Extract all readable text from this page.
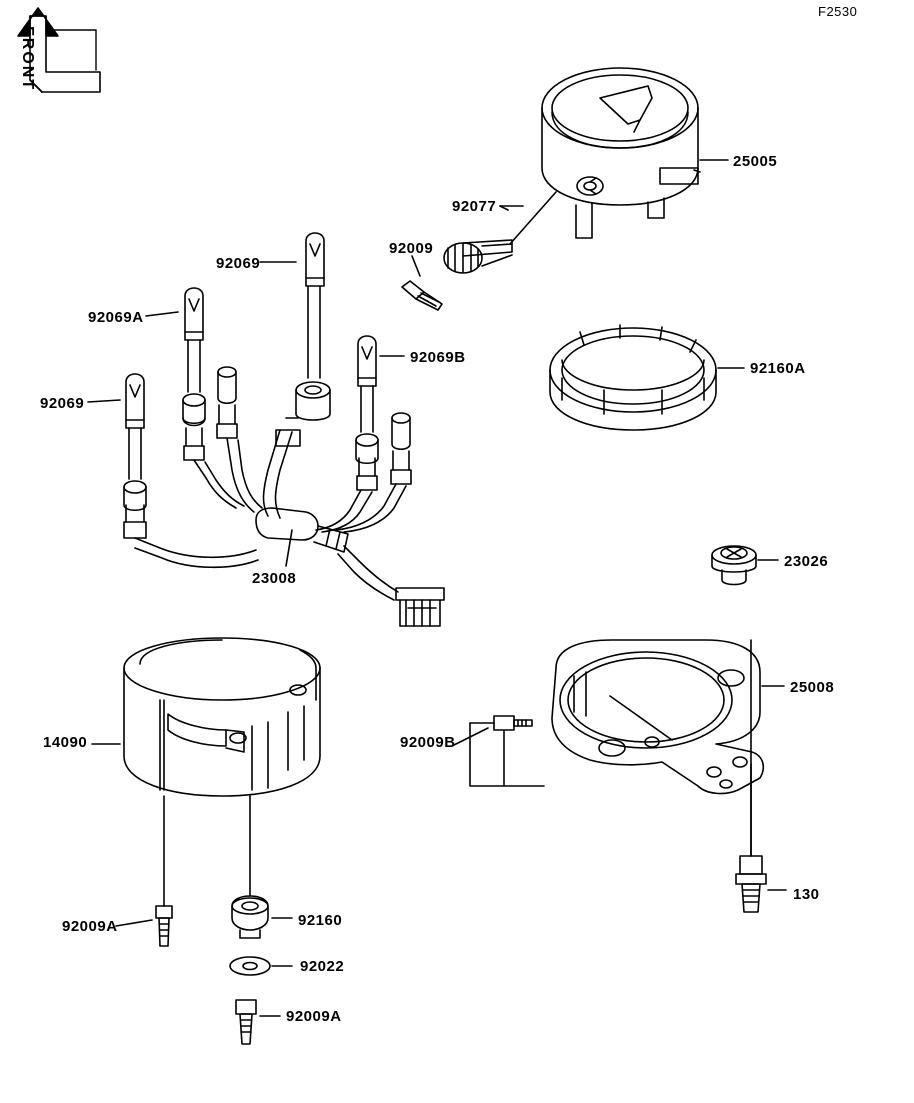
F2530
FRONT
25005
92077
92009
92160A
92069
92069A
92069B
92069
23008
23026
25008
92009B
14090
130
92009A	92160
92022
92009A
